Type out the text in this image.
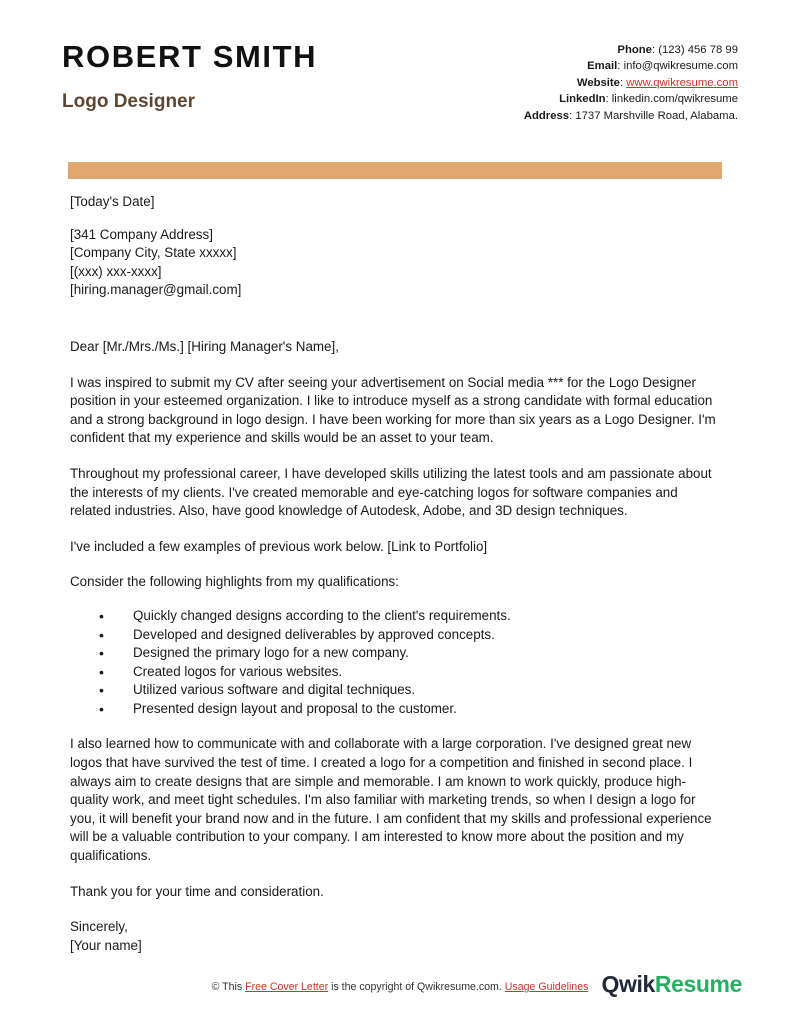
ROBERT SMITH
Logo Designer
Phone: (123) 456 78 99
Email: info@qwikresume.com
Website: www.qwikresume.com
LinkedIn: linkedin.com/qwikresume
Address: 1737 Marshville Road, Alabama.
[Today's Date]
[341 Company Address]
[Company City, State xxxxx]
[(xxx) xxx-xxxx]
[hiring.manager@gmail.com]
Dear [Mr./Mrs./Ms.] [Hiring Manager's Name],

I was inspired to submit my CV after seeing your advertisement on Social media *** for the Logo Designer position in your esteemed organization. I like to introduce myself as a strong candidate with formal education and a strong background in logo design. I have been working for more than six years as a Logo Designer. I'm confident that my experience and skills would be an asset to your team.

Throughout my professional career, I have developed skills utilizing the latest tools and am passionate about the interests of my clients. I've created memorable and eye-catching logos for software companies and related industries. Also, have good knowledge of Autodesk, Adobe, and 3D design techniques.

I've included a few examples of previous work below. [Link to Portfolio]

Consider the following highlights from my qualifications:

• Quickly changed designs according to the client's requirements.
• Developed and designed deliverables by approved concepts.
• Designed the primary logo for a new company.
• Created logos for various websites.
• Utilized various software and digital techniques.
• Presented design layout and proposal to the customer.

I also learned how to communicate with and collaborate with a large corporation. I've designed great new logos that have survived the test of time. I created a logo for a competition and finished in second place. I always aim to create designs that are simple and memorable. I am known to work quickly, produce high-quality work, and meet tight schedules. I'm also familiar with marketing trends, so when I design a logo for you, it will benefit your brand now and in the future. I am confident that my skills and professional experience will be a valuable contribution to your company. I am interested to know more about the position and my qualifications.

Thank you for your time and consideration.

Sincerely,
[Your name]
© This Free Cover Letter is the copyright of Qwikresume.com. Usage Guidelines QwikResume
